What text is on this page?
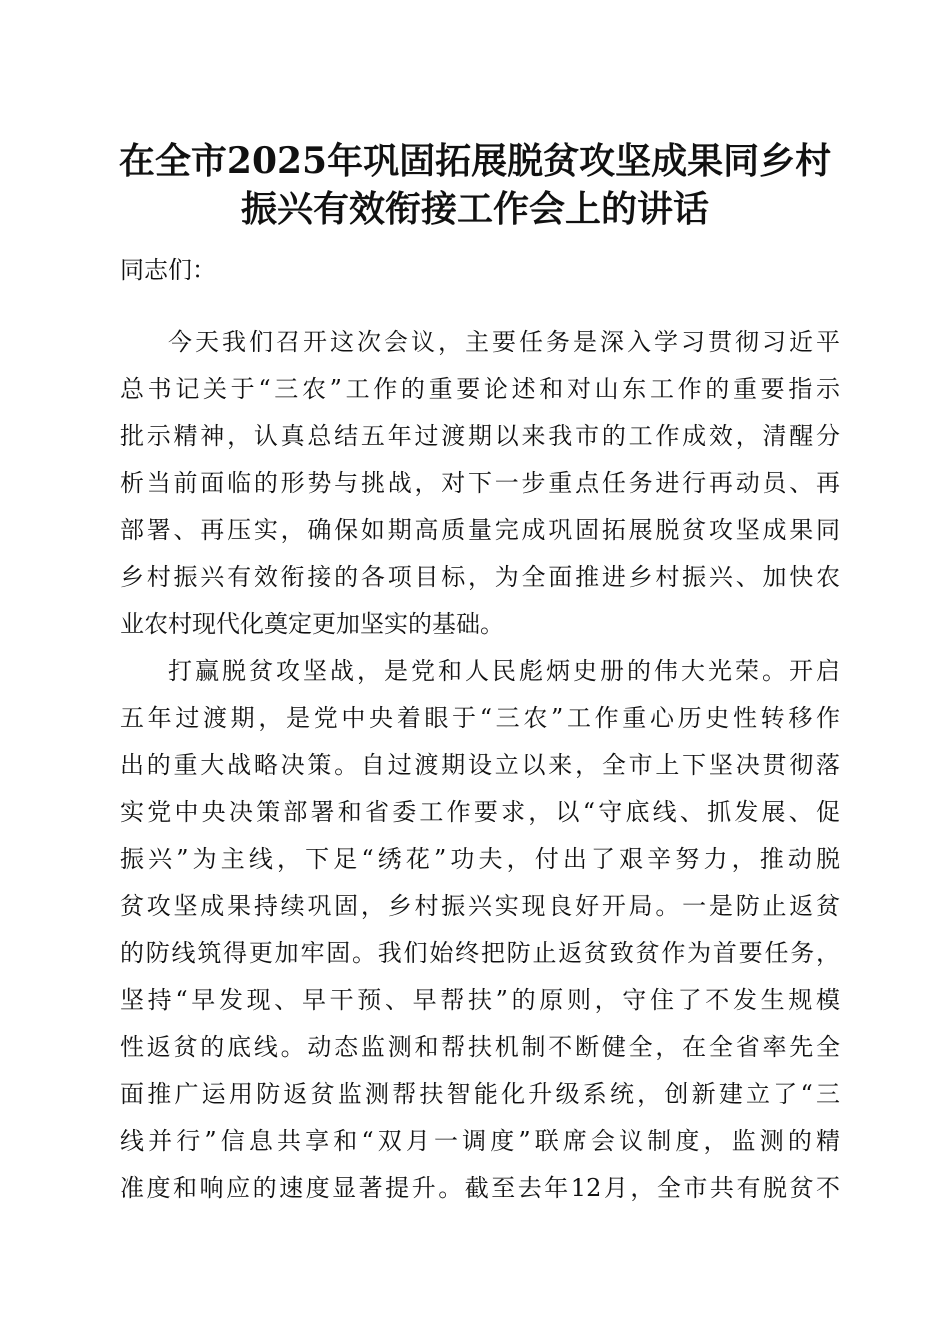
在全市2025年巩固拓展脱贫攻坚成果同乡村
振兴有效衔接工作会上的讲话
同志们：
今天我们召开这次会议，主要任务是深入学习贯彻习近平
总书记关于“三农”工作的重要论述和对山东工作的重要指示
批示精神，认真总结五年过渡期以来我市的工作成效，清醒分
析当前面临的形势与挑战，对下一步重点任务进行再动员、再
部署、再压实，确保如期高质量完成巩固拓展脱贫攻坚成果同
乡村振兴有效衔接的各项目标，为全面推进乡村振兴、加快农
业农村现代化奠定更加坚实的基础。
打赢脱贫攻坚战，是党和人民彪炳史册的伟大光荣。开启
五年过渡期，是党中央着眼于“三农”工作重心历史性转移作
出的重大战略决策。自过渡期设立以来，全市上下坚决贯彻落
实党中央决策部署和省委工作要求，以“守底线、抓发展、促
振兴”为主线，下足“绣花”功夫，付出了艰辛努力，推动脱
贫攻坚成果持续巩固，乡村振兴实现良好开局。一是防止返贫
的防线筑得更加牢固。我们始终把防止返贫致贫作为首要任务，
坚持“早发现、早干预、早帮扶”的原则，守住了不发生规模
性返贫的底线。动态监测和帮扶机制不断健全，在全省率先全
面推广运用防返贫监测帮扶智能化升级系统，创新建立了“三
线并行”信息共享和“双月一调度”联席会议制度，监测的精
准度和响应的速度显著提升。截至去年12月，全市共有脱贫不
